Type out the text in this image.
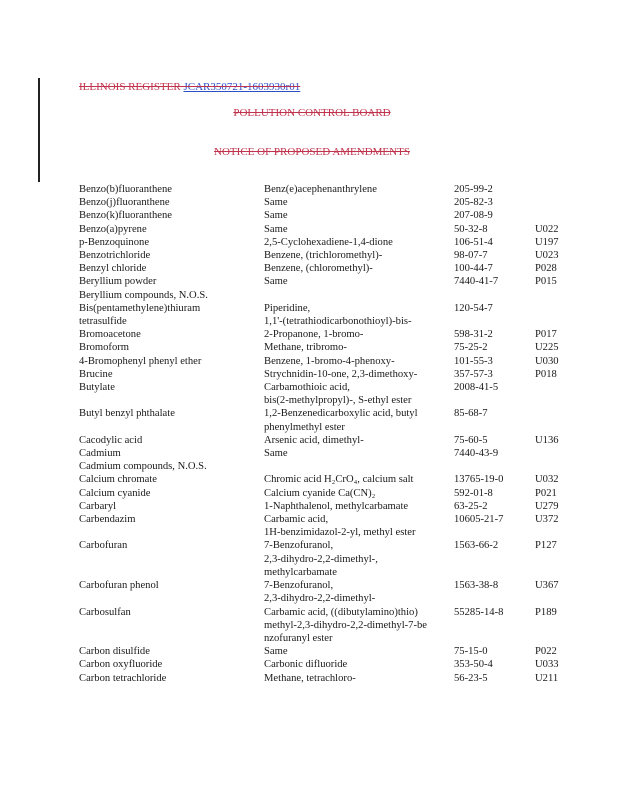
ILLINOIS REGISTER JCAR350721-1603930r01
POLLUTION CONTROL BOARD
NOTICE OF PROPOSED AMENDMENTS
Benzo(b)fluoranthene	Benz(e)acephenanthrylene	205-99-2	

Benzo(j)fluoranthene	Same	205-82-3	

Benzo(k)fluoranthene	Same	207-08-9	

Benzo(a)pyrene	Same	50-32-8	U022

p-Benzoquinone	2,5-Cyclohexadiene-1,4-dione	106-51-4	U197

Benzotrichloride	Benzene, (trichloromethyl)-	98-07-7	U023

Benzyl chloride	Benzene, (chloromethyl)-	100-44-7	P028

Beryllium powder	Same	7440-41-7	P015

Beryllium compounds, N.O.S.			

Bis(pentamethylene)thiuram
tetrasulfide	Piperidine,
1,1'-(tetrathiodicarbonothioyl)-bis-	120-54-7	

Bromoacetone	2-Propanone, 1-bromo-	598-31-2	P017

Bromoform	Methane, tribromo-	75-25-2	U225

4-Bromophenyl phenyl ether	Benzene, 1-bromo-4-phenoxy-	101-55-3	U030

Brucine	Strychnidin-10-one, 2,3-dimethoxy-	357-57-3	P018

Butylate	Carbamothioic acid,
bis(2-methylpropyl)-, S-ethyl ester	2008-41-5	

Butyl benzyl phthalate	1,2-Benzenedicarboxylic acid, butyl
phenylmethyl ester	85-68-7	

Cacodylic acid	Arsenic acid, dimethyl-	75-60-5	U136

Cadmium	Same	7440-43-9	

Cadmium compounds, N.O.S.			

Calcium chromate	Chromic acid H₂CrO₄, calcium salt	13765-19-0	U032

Calcium cyanide	Calcium cyanide Ca(CN)₂	592-01-8	P021

Carbaryl	1-Naphthalenol, methylcarbamate	63-25-2	U279

Carbendazim	Carbamic acid,
1H-benzimidazol-2-yl, methyl ester	10605-21-7	U372

Carbofuran	7-Benzofuranol,
2,3-dihydro-2,2-dimethyl-,
methylcarbamate	1563-66-2	P127

Carbofuran phenol	7-Benzofuranol,
2,3-dihydro-2,2-dimethyl-	1563-38-8	U367

Carbosulfan	Carbamic acid, ((dibutylamino)thio)
methyl-2,3-dihydro-2,2-dimethyl-7-be
nzofuranyl ester	55285-14-8	P189

Carbon disulfide	Same	75-15-0	P022

Carbon oxyfluoride	Carbonic difluoride	353-50-4	U033

Carbon tetrachloride	Methane, tetrachloro-	56-23-5	U211
